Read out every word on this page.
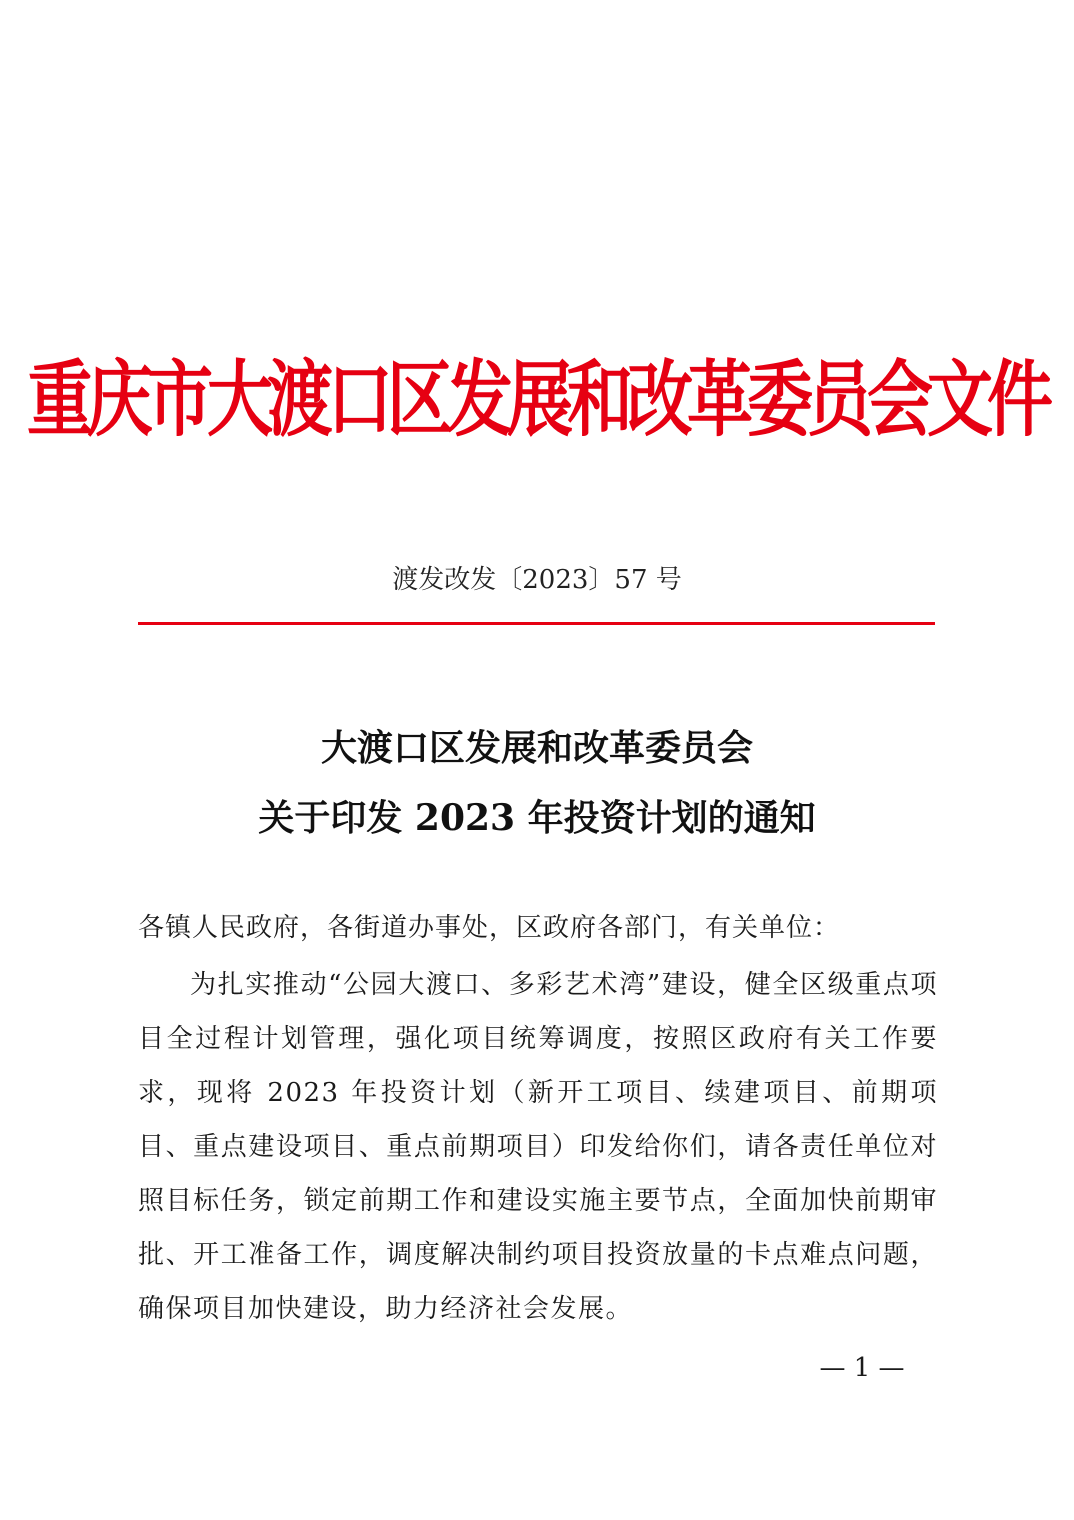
重庆市大渡口区发展和改革委员会文件
渡发改发〔2023〕57 号
大渡口区发展和改革委员会
关于印发 2023 年投资计划的通知
各镇人民政府，各街道办事处，区政府各部门，有关单位：

为扎实推动“公园大渡口、多彩艺术湾”建设，健全区级重点项目全过程计划管理，强化项目统筹调度，按照区政府有关工作要求，现将 2023 年投资计划（新开工项目、续建项目、前期项目、重点建设项目、重点前期项目）印发给你们，请各责任单位对照目标任务，锁定前期工作和建设实施主要节点，全面加快前期审批、开工准备工作，调度解决制约项目投资放量的卡点难点问题，确保项目加快建设，助力经济社会发展。

— 1 —
